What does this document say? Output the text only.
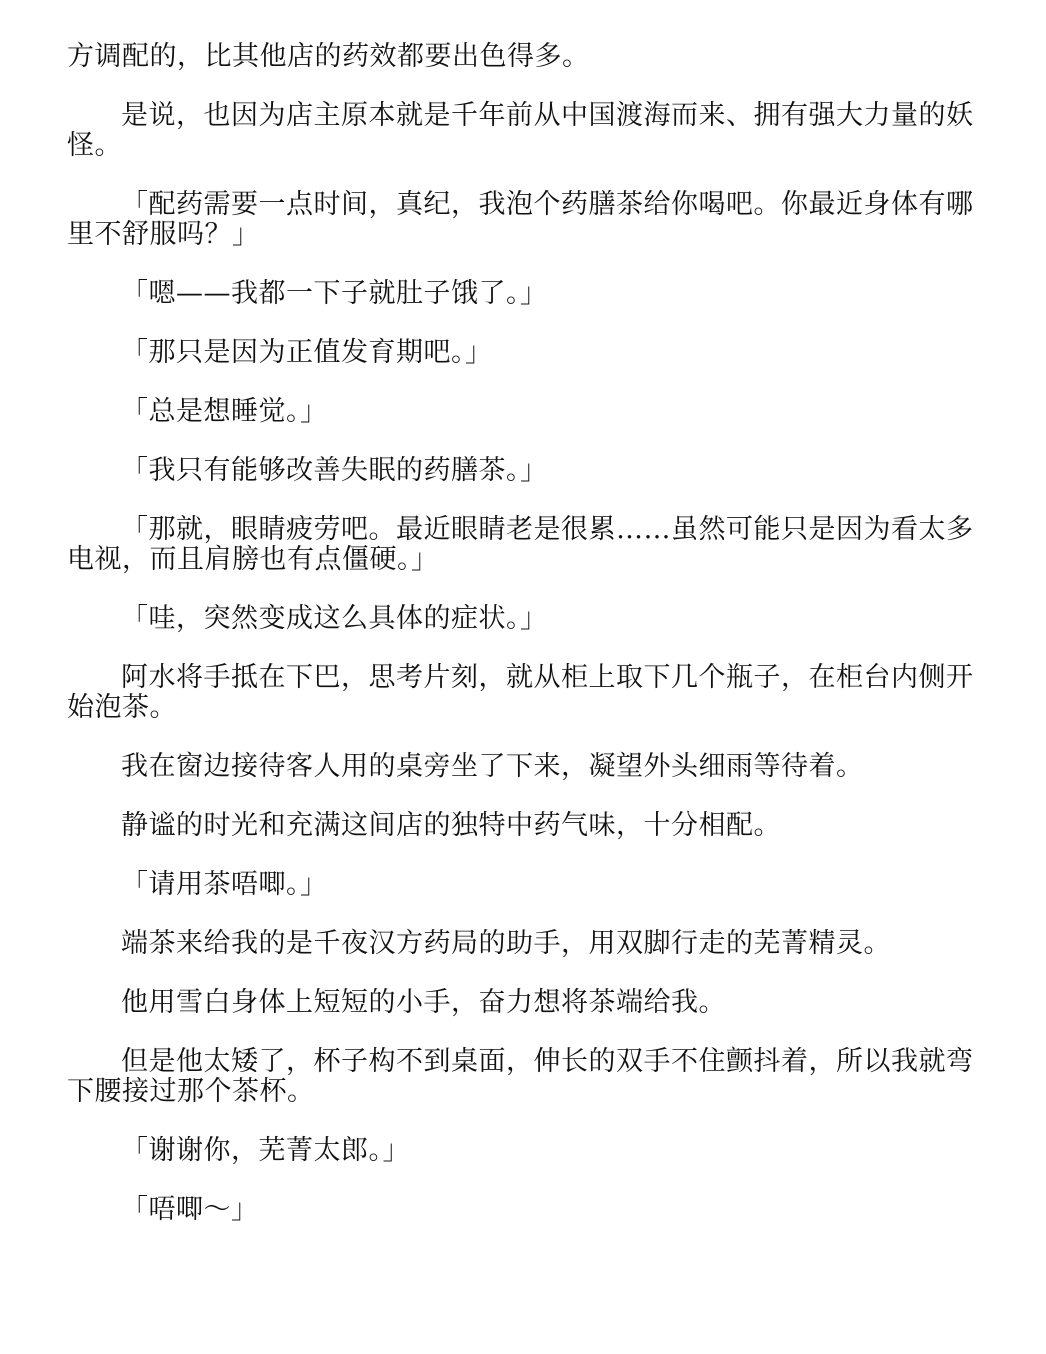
方调配的，比其他店的药效都要出色得多。

是说，也因为店主原本就是千年前从中国渡海而来、拥有强大力量的妖怪。

「配药需要一点时间，真纪，我泡个药膳茶给你喝吧。你最近身体有哪里不舒服吗？」

「嗯——我都一下子就肚子饿了。」

「那只是因为正值发育期吧。」

「总是想睡觉。」

「我只有能够改善失眠的药膳茶。」

「那就，眼睛疲劳吧。最近眼睛老是很累……虽然可能只是因为看太多电视，而且肩膀也有点僵硬。」

「哇，突然变成这么具体的症状。」

阿水将手抵在下巴，思考片刻，就从柜上取下几个瓶子，在柜台内侧开始泡茶。

我在窗边接待客人用的桌旁坐了下来，凝望外头细雨等待着。

静谧的时光和充满这间店的独特中药气味，十分相配。

「请用茶唔唧。」

端茶来给我的是千夜汉方药局的助手，用双脚行走的芜菁精灵。

他用雪白身体上短短的小手，奋力想将茶端给我。

但是他太矮了，杯子构不到桌面，伸长的双手不住颤抖着，所以我就弯下腰接过那个茶杯。

「谢谢你，芜菁太郎。」

「唔唧～」
